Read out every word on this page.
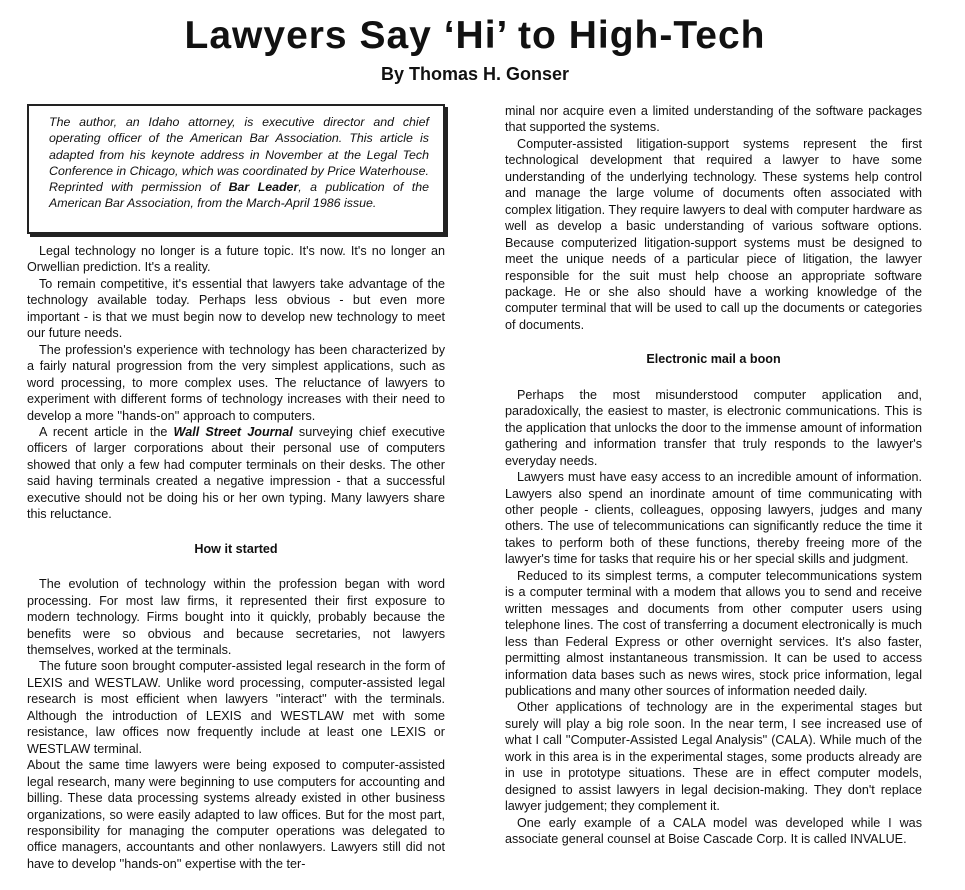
Lawyers Say ‘Hi’ to High-Tech
By Thomas H. Gonser

The author, an Idaho attorney, is executive director and chief operating officer of the American Bar Association. This article is adapted from his keynote address in November at the Legal Tech Conference in Chicago, which was coordinated by Price Waterhouse.

Reprinted with permission of Bar Leader, a publication of the American Bar Association, from the March-April 1986 issue.

Legal technology no longer is a future topic. It's now. It's no longer an Orwellian prediction. It's a reality.

To remain competitive, it's essential that lawyers take advantage of the technology available today. Perhaps less obvious - but even more important - is that we must begin now to develop new technology to meet our future needs.

The profession's experience with technology has been characterized by a fairly natural progression from the very simplest applications, such as word processing, to more complex uses. The reluctance of lawyers to experiment with different forms of technology increases with their need to develop a more ''hands-on'' approach to computers.

A recent article in the Wall Street Journal surveying chief executive officers of larger corporations about their personal use of computers showed that only a few had computer terminals on their desks. The other said having terminals created a negative impression - that a successful executive should not be doing his or her own typing. Many lawyers share this reluctance.

How it started

The evolution of technology within the profession began with word processing. For most law firms, it represented their first exposure to modern technology. Firms bought into it quickly, probably because the benefits were so obvious and because secretaries, not lawyers themselves, worked at the terminals.

The future soon brought computer-assisted legal research in the form of LEXIS and WESTLAW. Unlike word processing, computer-assisted legal research is most efficient when lawyers ''interact'' with the terminals. Although the introduction of LEXIS and WESTLAW met with some resistance, law offices now frequently include at least one LEXIS or WESTLAW terminal.

About the same time lawyers were being exposed to computer-assisted legal research, many were beginning to use computers for accounting and billing. These data processing systems already existed in other business organizations, so were easily adapted to law offices. But for the most part, responsibility for managing the computer operations was delegated to office managers, accountants and other nonlawyers. Lawyers still did not have to develop ''hands-on'' expertise with the ter-

minal nor acquire even a limited understanding of the software packages that supported the systems.

Computer-assisted litigation-support systems represent the first technological development that required a lawyer to have some understanding of the underlying technology. These systems help control and manage the large volume of documents often associated with complex litigation. They require lawyers to deal with computer hardware as well as develop a basic understanding of various software options. Because computerized litigation-support systems must be designed to meet the unique needs of a particular piece of litigation, the lawyer responsible for the suit must help choose an appropriate software package. He or she also should have a working knowledge of the computer terminal that will be used to call up the documents or categories of documents.

Electronic mail a boon

Perhaps the most misunderstood computer application and, paradoxically, the easiest to master, is electronic communications. This is the application that unlocks the door to the immense amount of information gathering and information transfer that truly responds to the lawyer's everyday needs.

Lawyers must have easy access to an incredible amount of information. Lawyers also spend an inordinate amount of time communicating with other people - clients, colleagues, opposing lawyers, judges and many others. The use of telecommunications can significantly reduce the time it takes to perform both of these functions, thereby freeing more of the lawyer's time for tasks that require his or her special skills and judgment.

Reduced to its simplest terms, a computer telecommunications system is a computer terminal with a modem that allows you to send and receive written messages and documents from other computer users using telephone lines. The cost of transferring a document electronically is much less than Federal Express or other overnight services. It's also faster, permitting almost instantaneous transmission. It can be used to access information data bases such as news wires, stock price information, legal publications and many other sources of information needed daily.

Other applications of technology are in the experimental stages but surely will play a big role soon. In the near term, I see increased use of what I call ''Computer-Assisted Legal Analysis'' (CALA). While much of the work in this area is in the experimental stages, some products already are in use in prototype situations. These are in effect computer models, designed to assist lawyers in legal decision-making. They don't replace lawyer judgement; they complement it.

One early example of a CALA model was developed while I was associate general counsel at Boise Cascade Corp. It is called INVALUE.
